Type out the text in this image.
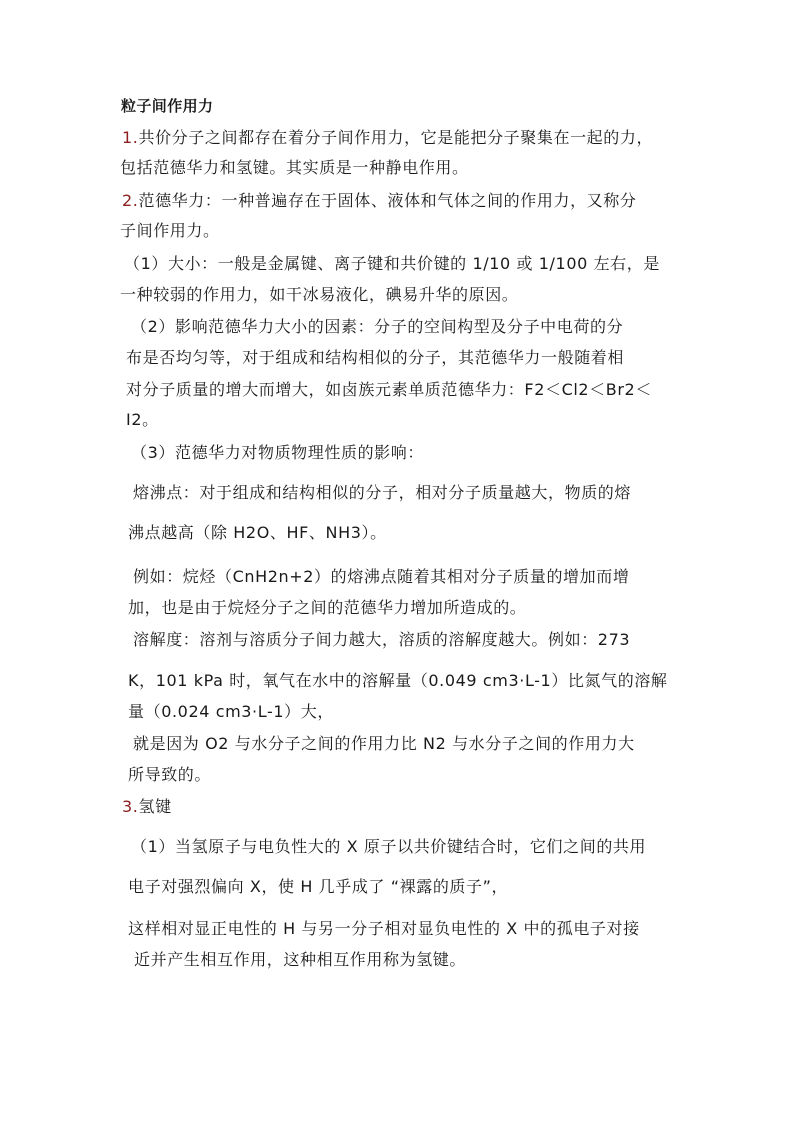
粒子间作用力
1.共价分子之间都存在着分子间作用力，它是能把分子聚集在一起的力，
包括范德华力和氢键。其实质是一种静电作用。
2.范德华力：一种普遍存在于固体、液体和气体之间的作用力，又称分
子间作用力。
（1）大小：一般是金属键、离子键和共价键的 1/10 或 1/100 左右，是
一种较弱的作用力，如干冰易液化，碘易升华的原因。
（2）影响范德华力大小的因素：分子的空间构型及分子中电荷的分
布是否均匀等，对于组成和结构相似的分子，其范德华力一般随着相
对分子质量的增大而增大，如卤族元素单质范德华力：F2＜Cl2＜Br2＜
I2。
（3）范德华力对物质物理性质的影响：
熔沸点：对于组成和结构相似的分子，相对分子质量越大，物质的熔
沸点越高（除 H2O、HF、NH3）。
例如：烷烃（CnH2n+2）的熔沸点随着其相对分子质量的增加而增
加，也是由于烷烃分子之间的范德华力增加所造成的。
溶解度：溶剂与溶质分子间力越大，溶质的溶解度越大。例如：273
K，101 kPa 时，氧气在水中的溶解量（0.049 cm3·L-1）比氮气的溶解
量（0.024 cm3·L-1）大，
就是因为 O2 与水分子之间的作用力比 N2 与水分子之间的作用力大
所导致的。
3.氢键
（1）当氢原子与电负性大的 X 原子以共价键结合时，它们之间的共用
电子对强烈偏向 X，使 H 几乎成了 “裸露的质子”，
这样相对显正电性的 H 与另一分子相对显负电性的 X 中的孤电子对接
近并产生相互作用，这种相互作用称为氢键。
